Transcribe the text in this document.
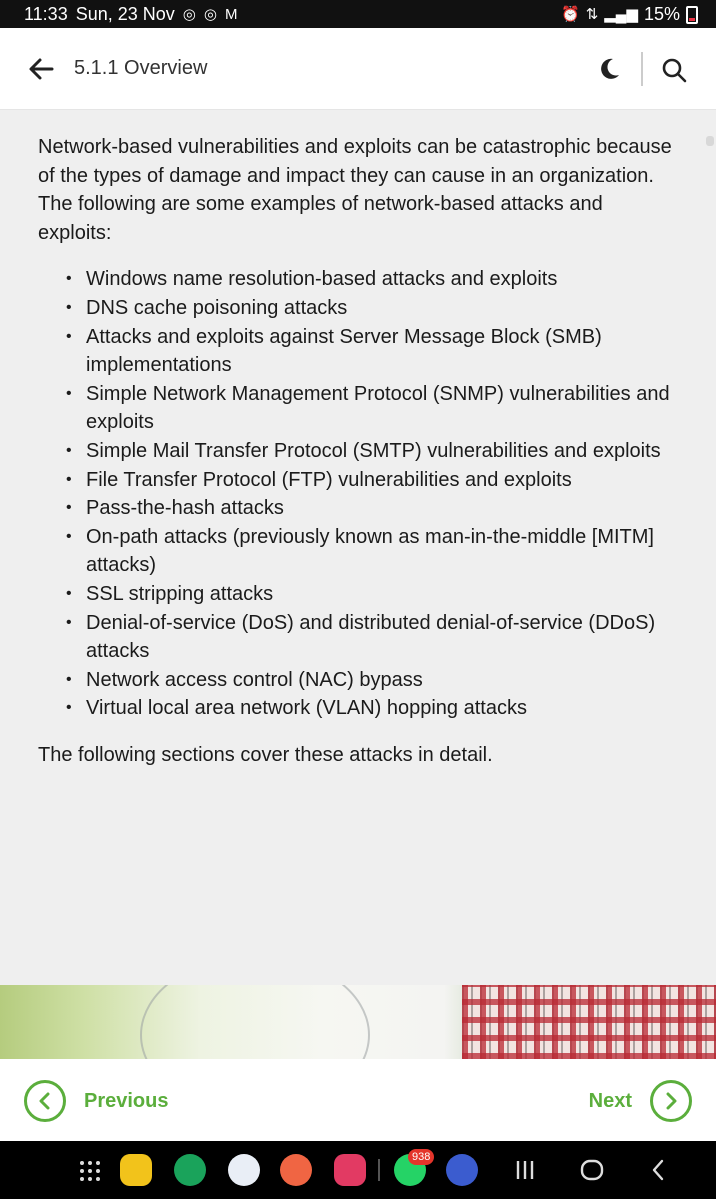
11:33 Sun, 23 Nov ◎ ◎ M	⏰ ⇅ ▂▄▆ 15%
5.1.1 Overview

Network-based vulnerabilities and exploits can be catastrophic because of the types of damage and impact they can cause in an organization. The following are some examples of network-based attacks and exploits:

• Windows name resolution-based attacks and exploits
• DNS cache poisoning attacks
• Attacks and exploits against Server Message Block (SMB) implementations
• Simple Network Management Protocol (SNMP) vulnerabilities and exploits
• Simple Mail Transfer Protocol (SMTP) vulnerabilities and exploits
• File Transfer Protocol (FTP) vulnerabilities and exploits
• Pass-the-hash attacks
• On-path attacks (previously known as man-in-the-middle [MITM] attacks)
• SSL stripping attacks
• Denial-of-service (DoS) and distributed denial-of-service (DDoS) attacks
• Network access control (NAC) bypass
• Virtual local area network (VLAN) hopping attacks

The following sections cover these attacks in detail.

Previous	Next
938
